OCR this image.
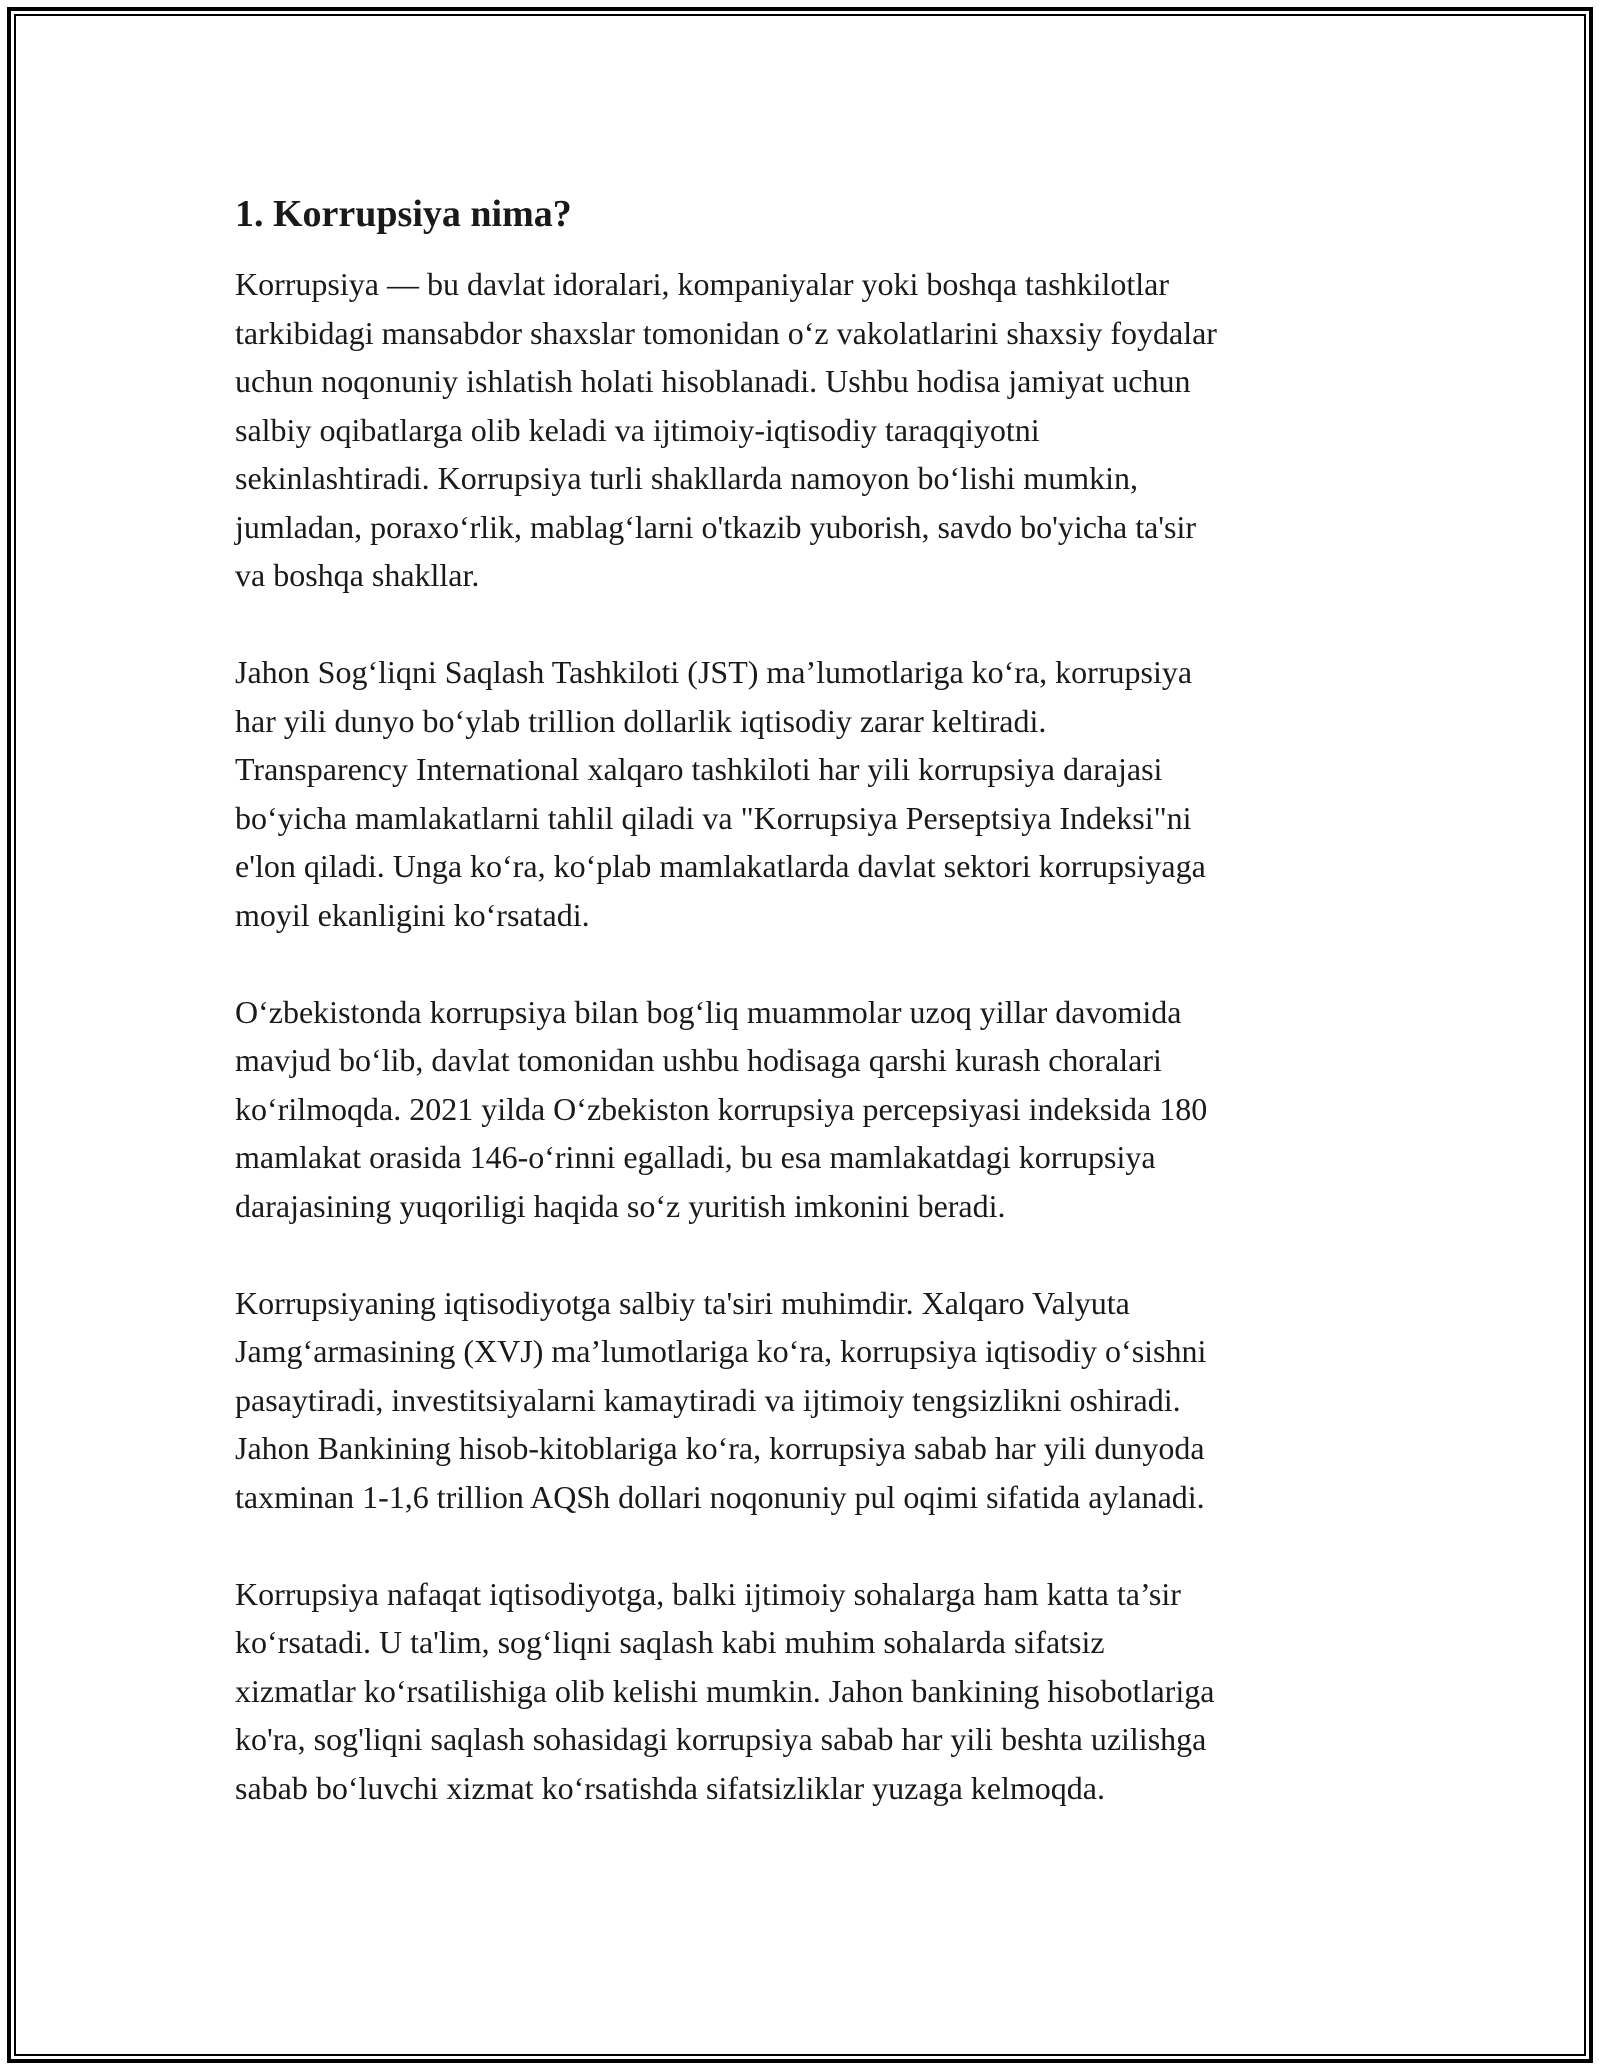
1. Korrupsiya nima?

Korrupsiya — bu davlat idoralari, kompaniyalar yoki boshqa tashkilotlar
tarkibidagi mansabdor shaxslar tomonidan o‘z vakolatlarini shaxsiy foydalar
uchun noqonuniy ishlatish holati hisoblanadi. Ushbu hodisa jamiyat uchun
salbiy oqibatlarga olib keladi va ijtimoiy-iqtisodiy taraqqiyotni
sekinlashtiradi. Korrupsiya turli shakllarda namoyon bo‘lishi mumkin,
jumladan, poraxo‘rlik, mablag‘larni o'tkazib yuborish, savdo bo'yicha ta'sir
va boshqa shakllar.

Jahon Sog‘liqni Saqlash Tashkiloti (JST) ma’lumotlariga ko‘ra, korrupsiya
har yili dunyo bo‘ylab trillion dollarlik iqtisodiy zarar keltiradi.
Transparency International xalqaro tashkiloti har yili korrupsiya darajasi
bo‘yicha mamlakatlarni tahlil qiladi va "Korrupsiya Perseptsiya Indeksi"ni
e'lon qiladi. Unga ko‘ra, ko‘plab mamlakatlarda davlat sektori korrupsiyaga
moyil ekanligini ko‘rsatadi.

O‘zbekistonda korrupsiya bilan bog‘liq muammolar uzoq yillar davomida
mavjud bo‘lib, davlat tomonidan ushbu hodisaga qarshi kurash choralari
ko‘rilmoqda. 2021 yilda O‘zbekiston korrupsiya percepsiyasi indeksida 180
mamlakat orasida 146-o‘rinni egalladi, bu esa mamlakatdagi korrupsiya
darajasining yuqoriligi haqida so‘z yuritish imkonini beradi.

Korrupsiyaning iqtisodiyotga salbiy ta'siri muhimdir. Xalqaro Valyuta
Jamg‘armasining (XVJ) ma’lumotlariga ko‘ra, korrupsiya iqtisodiy o‘sishni
pasaytiradi, investitsiyalarni kamaytiradi va ijtimoiy tengsizlikni oshiradi.
Jahon Bankining hisob-kitoblariga ko‘ra, korrupsiya sabab har yili dunyoda
taxminan 1-1,6 trillion AQSh dollari noqonuniy pul oqimi sifatida aylanadi.

Korrupsiya nafaqat iqtisodiyotga, balki ijtimoiy sohalarga ham katta ta’sir
ko‘rsatadi. U ta'lim, sog‘liqni saqlash kabi muhim sohalarda sifatsiz
xizmatlar ko‘rsatilishiga olib kelishi mumkin. Jahon bankining hisobotlariga
ko'ra, sog'liqni saqlash sohasidagi korrupsiya sabab har yili beshta uzilishga
sabab bo‘luvchi xizmat ko‘rsatishda sifatsizliklar yuzaga kelmoqda.
